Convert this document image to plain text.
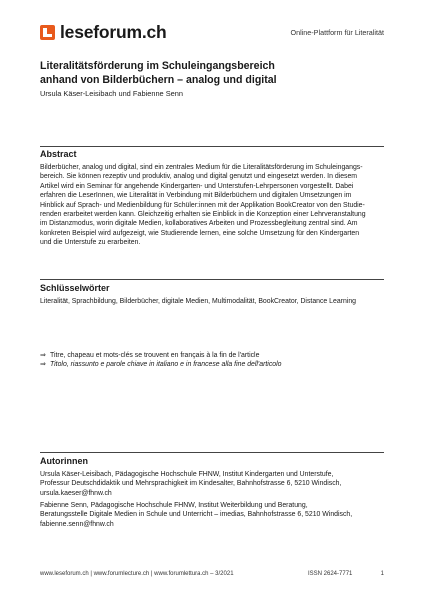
leseforum.ch	Online-Plattform für Literalität
Literalitätsförderung im Schuleingangsbereich
anhand von Bilderbüchern – analog und digital
Ursula Käser-Leisibach und Fabienne Senn
Abstract
Bilderbücher, analog und digital, sind ein zentrales Medium für die Literalitätsförderung im Schuleingangs-
bereich. Sie können rezeptiv und produktiv, analog und digital genutzt und eingesetzt werden. In diesem
Artikel wird ein Seminar für angehende Kindergarten- und Unterstufen-Lehrpersonen vorgestellt. Dabei
erfahren die LeserInnen, wie Literalität in Verbindung mit Bilderbüchern und digitalen Umsetzungen im
Hinblick auf Sprach- und Medienbildung für Schüler:innen mit der Applikation BookCreator von den Studie-
renden erarbeitet werden kann. Gleichzeitig erhalten sie Einblick in die Konzeption einer Lehrveranstaltung
im Distanzmodus, worin digitale Medien, kollaboratives Arbeiten und Prozessbegleitung zentral sind. Am
konkreten Beispiel wird aufgezeigt, wie Studierende lernen, eine solche Umsetzung für den Kindergarten
und die Unterstufe zu erarbeiten.
Schlüsselwörter
Literalität, Sprachbildung, Bilderbücher, digitale Medien, Multimodalität, BookCreator, Distance Learning
⇒ Titre, chapeau et mots-clés se trouvent en français à la fin de l'article
⇒ Titolo, riassunto e parole chiave in italiano e in francese alla fine dell'articolo
Autorinnen
Ursula Käser-Leisibach, Pädagogische Hochschule FHNW, Institut Kindergarten und Unterstufe,
Professur Deutschdidaktik und Mehrsprachigkeit im Kindesalter, Bahnhofstrasse 6, 5210 Windisch,
ursula.kaeser@fhnw.ch
Fabienne Senn, Pädagogische Hochschule FHNW, Institut Weiterbildung und Beratung,
Beratungsstelle Digitale Medien in Schule und Unterricht – imedias, Bahnhofstrasse 6, 5210 Windisch,
fabienne.senn@fhnw.ch
www.leseforum.ch | www.forumlecture.ch | www.forumlettura.ch – 3/2021	ISSN 2624-7771	1
